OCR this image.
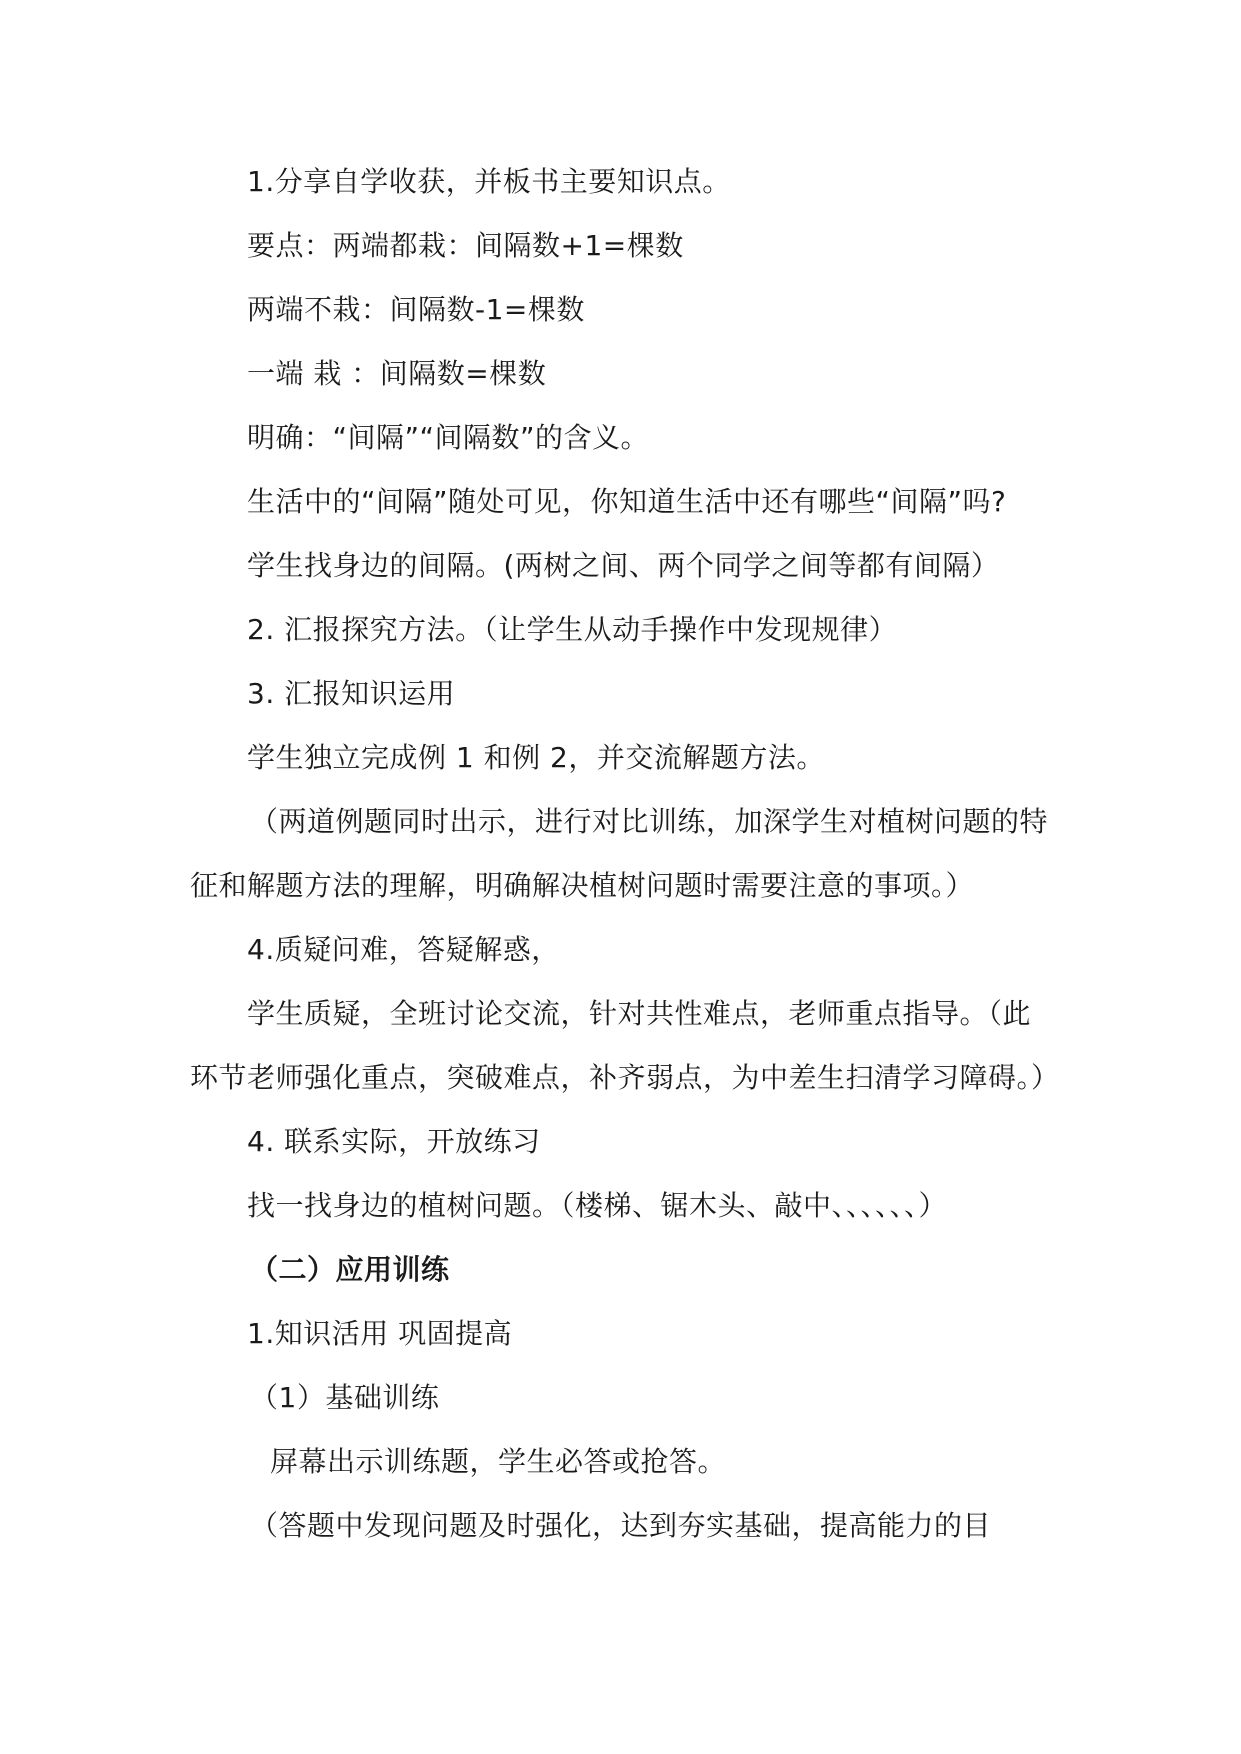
1.分享自学收获，并板书主要知识点。

要点：两端都栽：间隔数+1=棵数

两端不栽：间隔数-1=棵数

一端 栽 ：间隔数=棵数

明确：“间隔”“间隔数”的含义。

生活中的“间隔”随处可见，你知道生活中还有哪些“间隔”吗?

学生找身边的间隔。(两树之间、两个同学之间等都有间隔）

2. 汇报探究方法。（让学生从动手操作中发现规律）

3. 汇报知识运用

学生独立完成例 1 和例 2，并交流解题方法。

（两道例题同时出示，进行对比训练，加深学生对植树问题的特

征和解题方法的理解，明确解决植树问题时需要注意的事项。）

4.质疑问难，答疑解惑，

学生质疑，全班讨论交流，针对共性难点，老师重点指导。（此

环节老师强化重点，突破难点，补齐弱点，为中差生扫清学习障碍。）

4. 联系实际，开放练习

找一找身边的植树问题。（楼梯、锯木头、敲中、、、、、、）

（二）应用训练

1.知识活用 巩固提高

（1）基础训练

屏幕出示训练题，学生必答或抢答。

（答题中发现问题及时强化，达到夯实基础，提高能力的目
